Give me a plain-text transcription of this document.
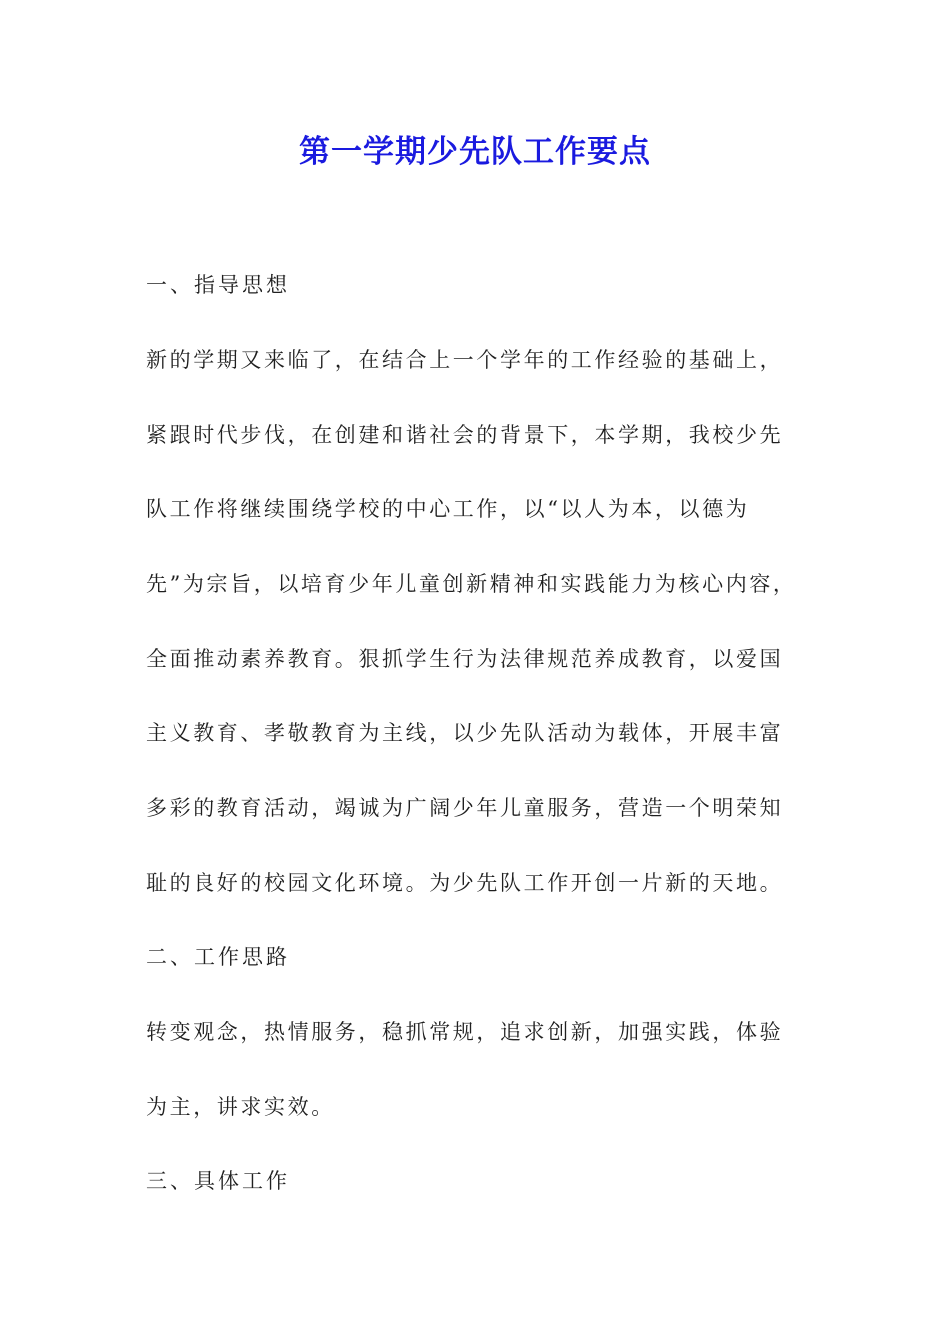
第一学期少先队工作要点

一、指导思想

新的学期又来临了，在结合上一个学年的工作经验的基础上，

紧跟时代步伐，在创建和谐社会的背景下，本学期，我校少先

队工作将继续围绕学校的中心工作，以“以人为本，以德为

先”为宗旨，以培育少年儿童创新精神和实践能力为核心内容，

全面推动素养教育。狠抓学生行为法律规范养成教育，以爱国

主义教育、孝敬教育为主线，以少先队活动为载体，开展丰富

多彩的教育活动，竭诚为广阔少年儿童服务，营造一个明荣知

耻的良好的校园文化环境。为少先队工作开创一片新的天地。

二、工作思路

转变观念，热情服务，稳抓常规，追求创新，加强实践，体验

为主，讲求实效。

三、具体工作
